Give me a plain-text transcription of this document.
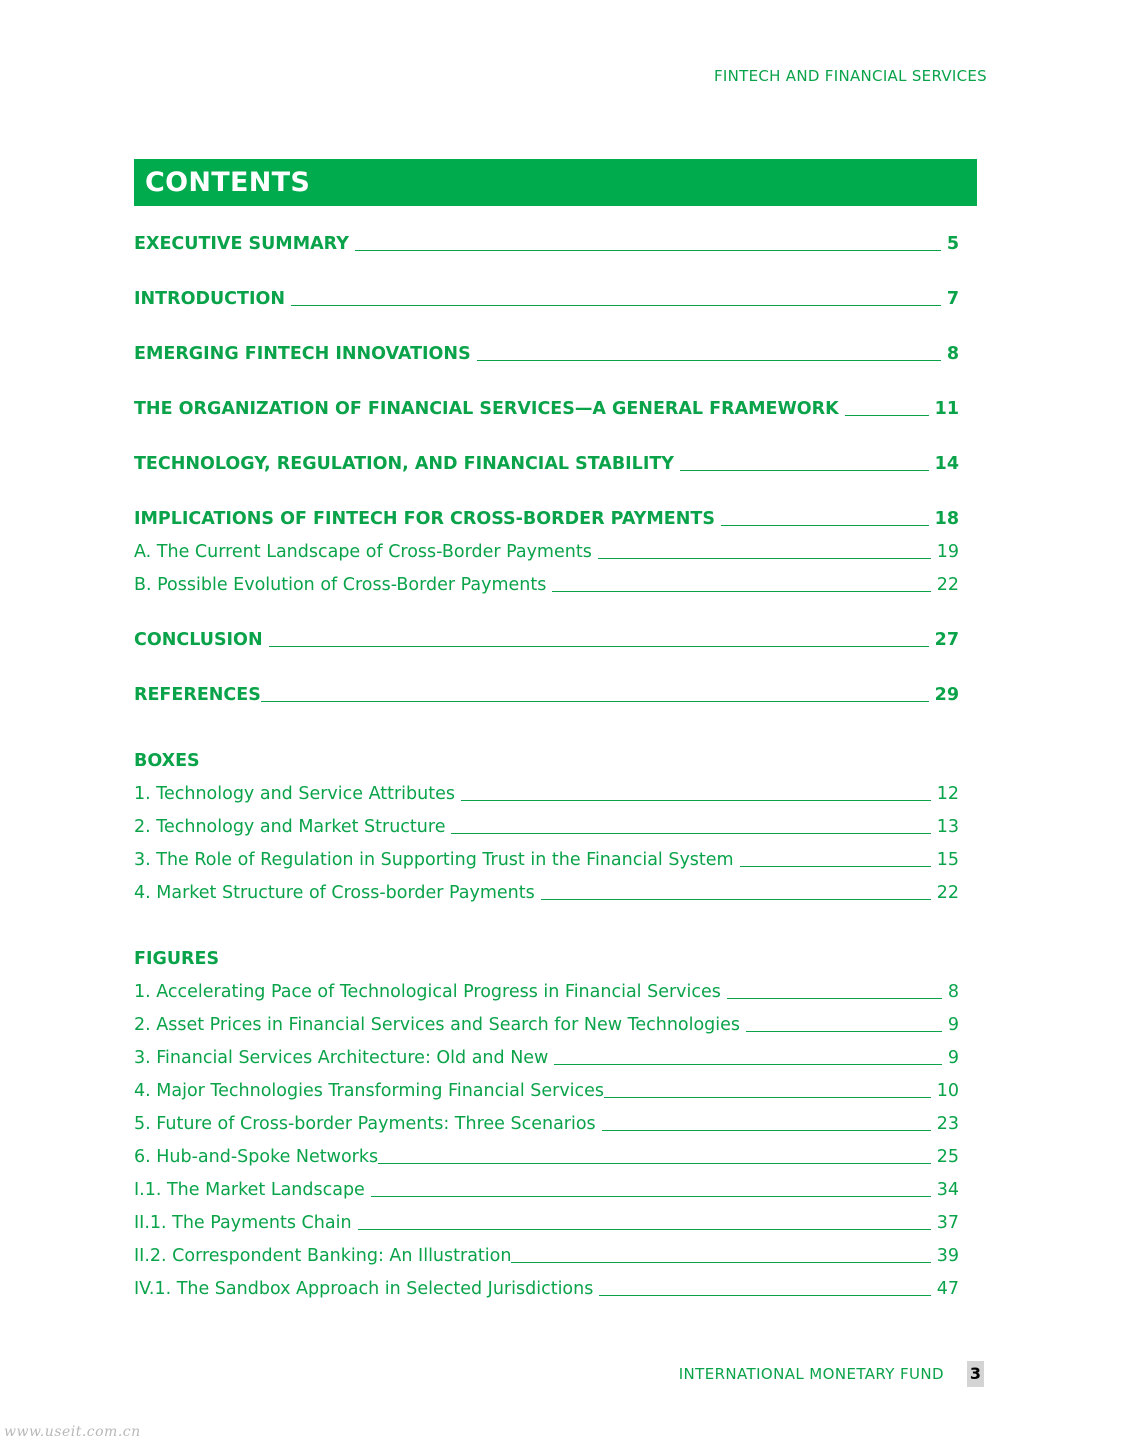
FINTECH AND FINANCIAL SERVICES
CONTENTS
EXECUTIVE SUMMARY	5
INTRODUCTION	7
EMERGING FINTECH INNOVATIONS	8
THE ORGANIZATION OF FINANCIAL SERVICES—A GENERAL FRAMEWORK	11
TECHNOLOGY, REGULATION, AND FINANCIAL STABILITY	14
IMPLICATIONS OF FINTECH FOR CROSS-BORDER PAYMENTS	18
A. The Current Landscape of Cross-Border Payments	19
B. Possible Evolution of Cross-Border Payments	22
CONCLUSION	27
REFERENCES	29
BOXES
1. Technology and Service Attributes	12
2. Technology and Market Structure	13
3. The Role of Regulation in Supporting Trust in the Financial System	15
4. Market Structure of Cross-border Payments	22
FIGURES
1. Accelerating Pace of Technological Progress in Financial Services	8
2. Asset Prices in Financial Services and Search for New Technologies	9
3. Financial Services Architecture: Old and New	9
4. Major Technologies Transforming Financial Services	10
5. Future of Cross-border Payments: Three Scenarios	23
6. Hub-and-Spoke Networks	25
I.1. The Market Landscape	34
II.1. The Payments Chain	37
II.2. Correspondent Banking: An Illustration	39
IV.1. The Sandbox Approach in Selected Jurisdictions	47
INTERNATIONAL MONETARY FUND 3
www.useit.com.cn
